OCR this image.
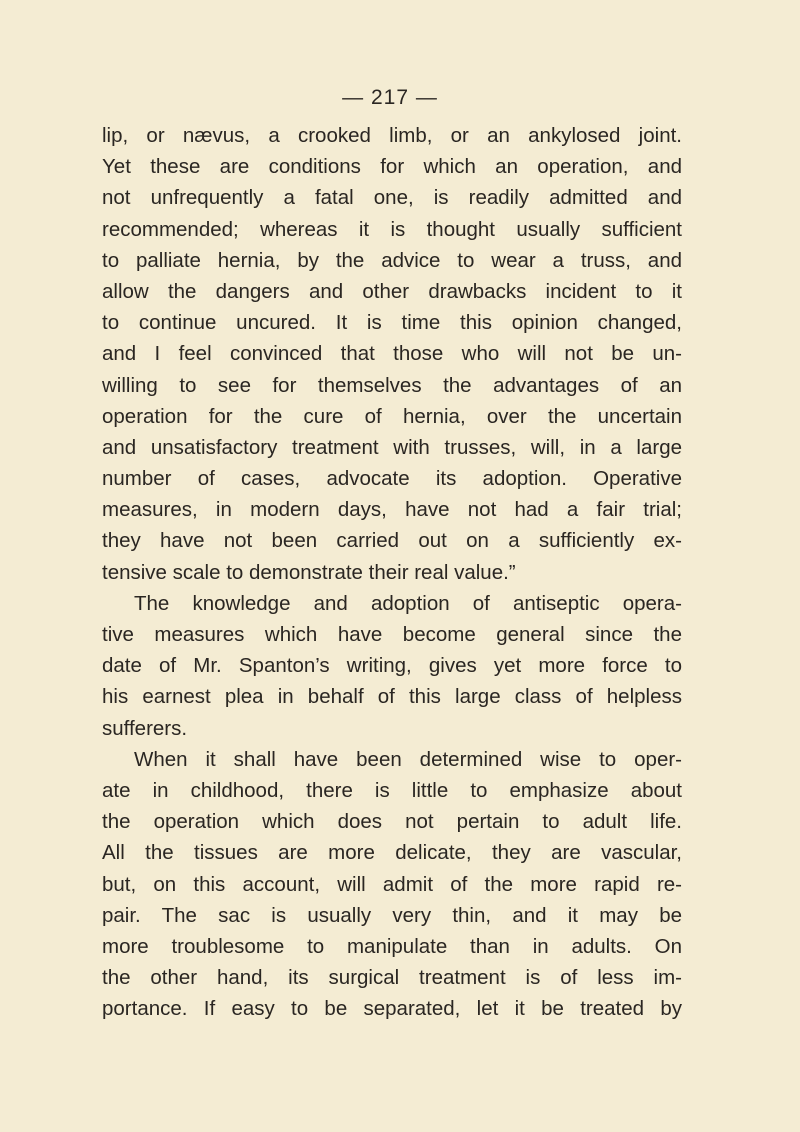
— 217 —
lip, or nævus, a crooked limb, or an ankylosed joint.
Yet these are conditions for which an operation, and
not unfrequently a fatal one, is readily admitted and
recommended; whereas it is thought usually sufficient
to palliate hernia, by the advice to wear a truss, and
allow the dangers and other drawbacks incident to it
to continue uncured. It is time this opinion changed,
and I feel convinced that those who will not be un-
willing to see for themselves the advantages of an
operation for the cure of hernia, over the uncertain
and unsatisfactory treatment with trusses, will, in a large
number of cases, advocate its adoption. Operative
measures, in modern days, have not had a fair trial;
they have not been carried out on a sufficiently ex-
tensive scale to demonstrate their real value.”
The knowledge and adoption of antiseptic opera-
tive measures which have become general since the
date of Mr. Spanton’s writing, gives yet more force to
his earnest plea in behalf of this large class of helpless
sufferers.
When it shall have been determined wise to oper-
ate in childhood, there is little to emphasize about
the operation which does not pertain to adult life.
All the tissues are more delicate, they are vascular,
but, on this account, will admit of the more rapid re-
pair. The sac is usually very thin, and it may be
more troublesome to manipulate than in adults. On
the other hand, its surgical treatment is of less im-
portance. If easy to be separated, let it be treated by
